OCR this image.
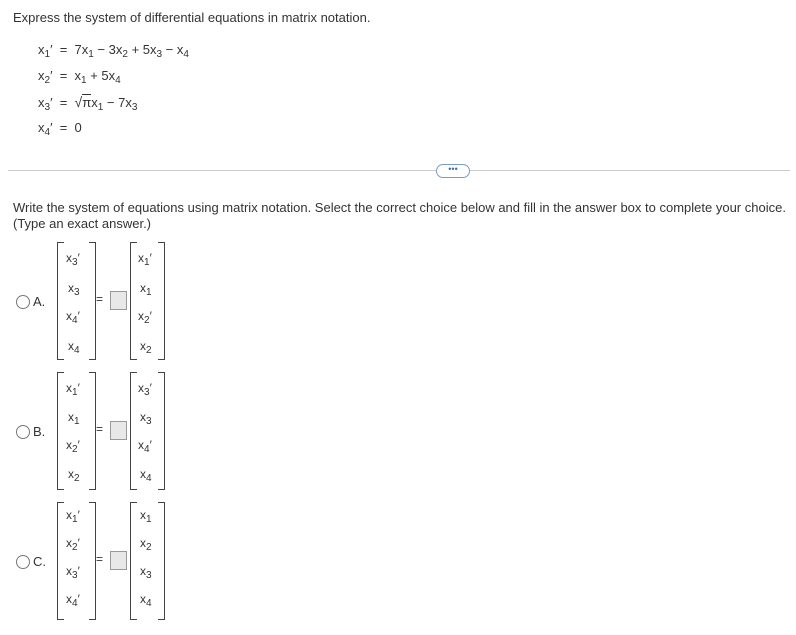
Express the system of differential equations in matrix notation.
$x_1' = 7x_1 - 3x_2 + 5x_3 - x_4$
$x_2' = x_1 + 5x_4$
$x_3' = √\pi x_1 - 7x_3$
$x_4' = 0$
•••
Write the system of equations using matrix notation. Select the correct choice below and fill in the answer box to complete your choice.
(Type an exact answer.)
A.
$x_3'$
$x_3$
$x_4'$
$x_4$
=
$x_1'$
$x_1$
$x_2'$
$x_2$
B.
$x_1'$
$x_1$
$x_2'$
$x_2$
=
$x_3'$
$x_3$
$x_4'$
$x_4$
C.
$x_1'$
$x_2'$
$x_3'$
$x_4'$
=
$x_1$
$x_2$
$x_3$
$x_4$
